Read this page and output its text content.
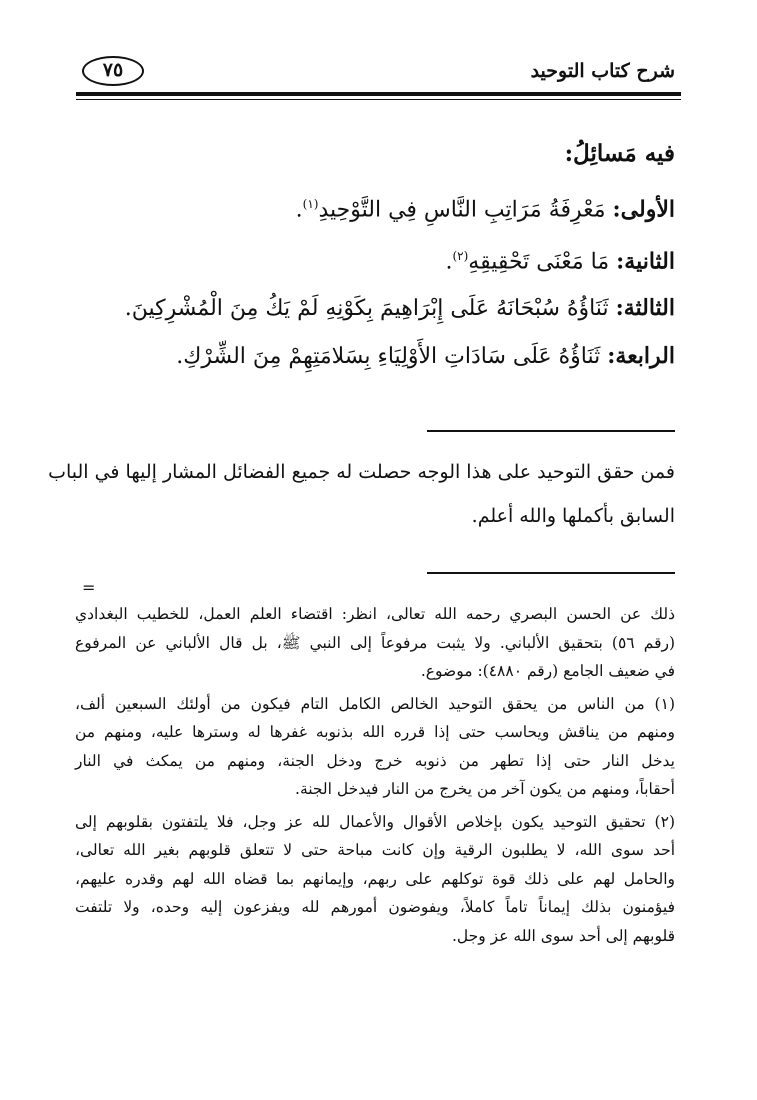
شرح كتاب التوحيد
٧٥
فيه مَسائِلُ:
الأولى: مَعْرِفَةُ مَرَاتِبِ النَّاسِ فِي التَّوْحِيدِ$^{(١)}$.
الثانية: مَا مَعْنَى تَحْقِيقِهِ$^{(٢)}$.
الثالثة: ثَنَاؤُهُ سُبْحَانَهُ عَلَى إِبْرَاهِيمَ بِكَوْنِهِ لَمْ يَكُ مِنَ الْمُشْرِكِينَ.
الرابعة: ثَنَاؤُهُ عَلَى سَادَاتِ الأَوْلِيَاءِ بِسَلامَتِهِمْ مِنَ الشِّرْكِ.
فمن حقق التوحيد على هذا الوجه حصلت له جميع الفضائل المشار إليها في الباب
السابق بأكملها والله أعلم.
=
ذلك عن الحسن البصري رحمه الله تعالى، انظر: اقتضاء العلم العمل، للخطيب البغدادي
(رقم ٥٦) بتحقيق الألباني. ولا يثبت مرفوعاً إلى النبي ﷺ، بل قال الألباني عن المرفوع
في ضعيف الجامع (رقم ٤٨٨٠): موضوع.
(١) من الناس من يحقق التوحيد الخالص الكامل التام فيكون من أولئك السبعين ألف،
ومنهم من يناقش ويحاسب حتى إذا قرره الله بذنوبه غفرها له وسترها عليه، ومنهم من
يدخل النار حتى إذا تطهر من ذنوبه خرج ودخل الجنة، ومنهم من يمكث في النار
أحقاباً، ومنهم من يكون آخر من يخرج من النار فيدخل الجنة.
(٢) تحقيق التوحيد يكون بإخلاص الأقوال والأعمال لله عز وجل، فلا يلتفتون بقلوبهم إلى
أحد سوى الله، لا يطلبون الرقية وإن كانت مباحة حتى لا تتعلق قلوبهم بغير الله تعالى،
والحامل لهم على ذلك قوة توكلهم على ربهم، وإيمانهم بما قضاه الله لهم وقدره عليهم،
فيؤمنون بذلك إيماناً تاماً كاملاً، ويفوضون أمورهم لله ويفزعون إليه وحده، ولا تلتفت
قلوبهم إلى أحد سوى الله عز وجل.
